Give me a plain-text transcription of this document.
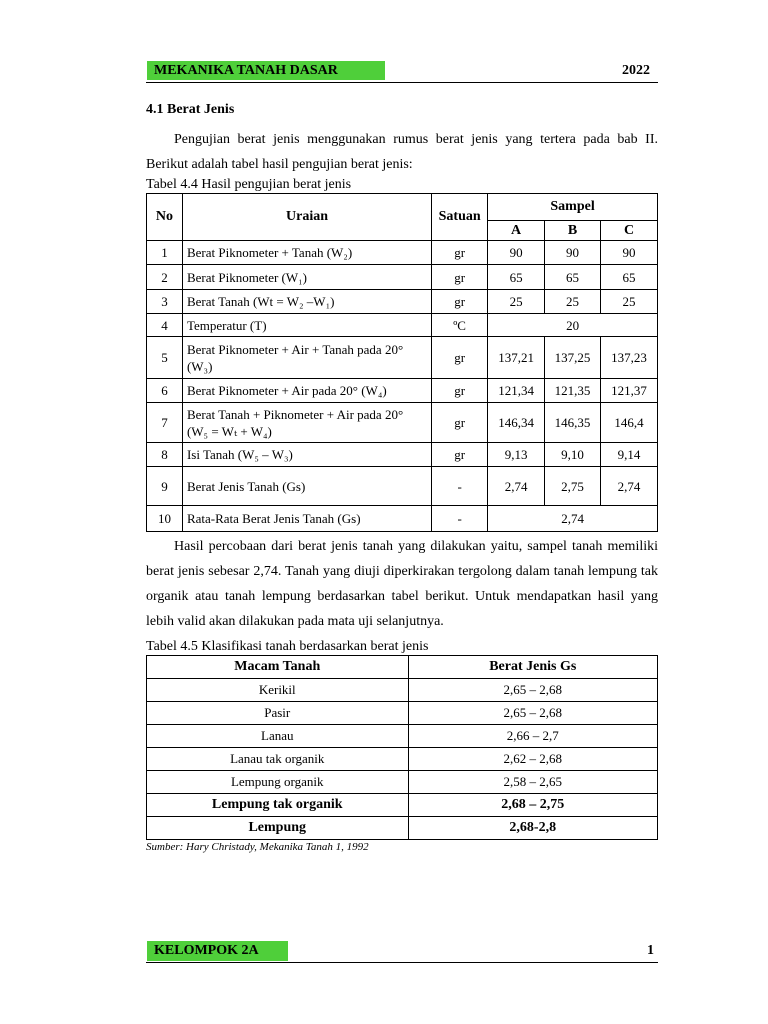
MEKANIKA TANAH DASAR	2022
4.1 Berat Jenis

Pengujian berat jenis menggunakan rumus berat jenis yang tertera pada bab II. Berikut adalah tabel hasil pengujian berat jenis:

Tabel 4.4 Hasil pengujian berat jenis

No	Uraian	Satuan	Sampel		
			A	B	C
1	Berat Piknometer + Tanah (W₂)	gr	90	90	90
2	Berat Piknometer (W₁)	gr	65	65	65
3	Berat Tanah (Wt = W₂ –W₁)	gr	25	25	25
4	Temperatur (T)	ºC	20		
5	Berat Piknometer + Air + Tanah pada 20° (W₃)	gr	137,21	137,25	137,23
6	Berat Piknometer + Air pada 20° (W₄)	gr	121,34	121,35	121,37
7	Berat Tanah + Piknometer + Air pada 20° (W₅ = Wₜ + W₄)	gr	146,34	146,35	146,4
8	Isi Tanah (W₅ – W₃)	gr	9,13	9,10	9,14
9	Berat Jenis Tanah (Gs)	-	2,74	2,75	2,74
10	Rata-Rata Berat Jenis Tanah (Gs)	-	2,74		

Hasil percobaan dari berat jenis tanah yang dilakukan yaitu, sampel tanah memiliki berat jenis sebesar 2,74. Tanah yang diuji diperkirakan tergolong dalam tanah lempung tak organik atau tanah lempung berdasarkan tabel berikut. Untuk mendapatkan hasil yang lebih valid akan dilakukan pada mata uji selanjutnya.

Tabel 4.5 Klasifikasi tanah berdasarkan berat jenis

Macam Tanah	Berat Jenis Gs
Kerikil	2,65 – 2,68
Pasir	2,65 – 2,68
Lanau	2,66 – 2,7
Lanau tak organik	2,62 – 2,68
Lempung organik	2,58 – 2,65
Lempung tak organik	2,68 – 2,75
Lempung	2,68-2,8
Sumber: Hary Christady, Mekanika Tanah 1, 1992
KELOMPOK 2A	1
